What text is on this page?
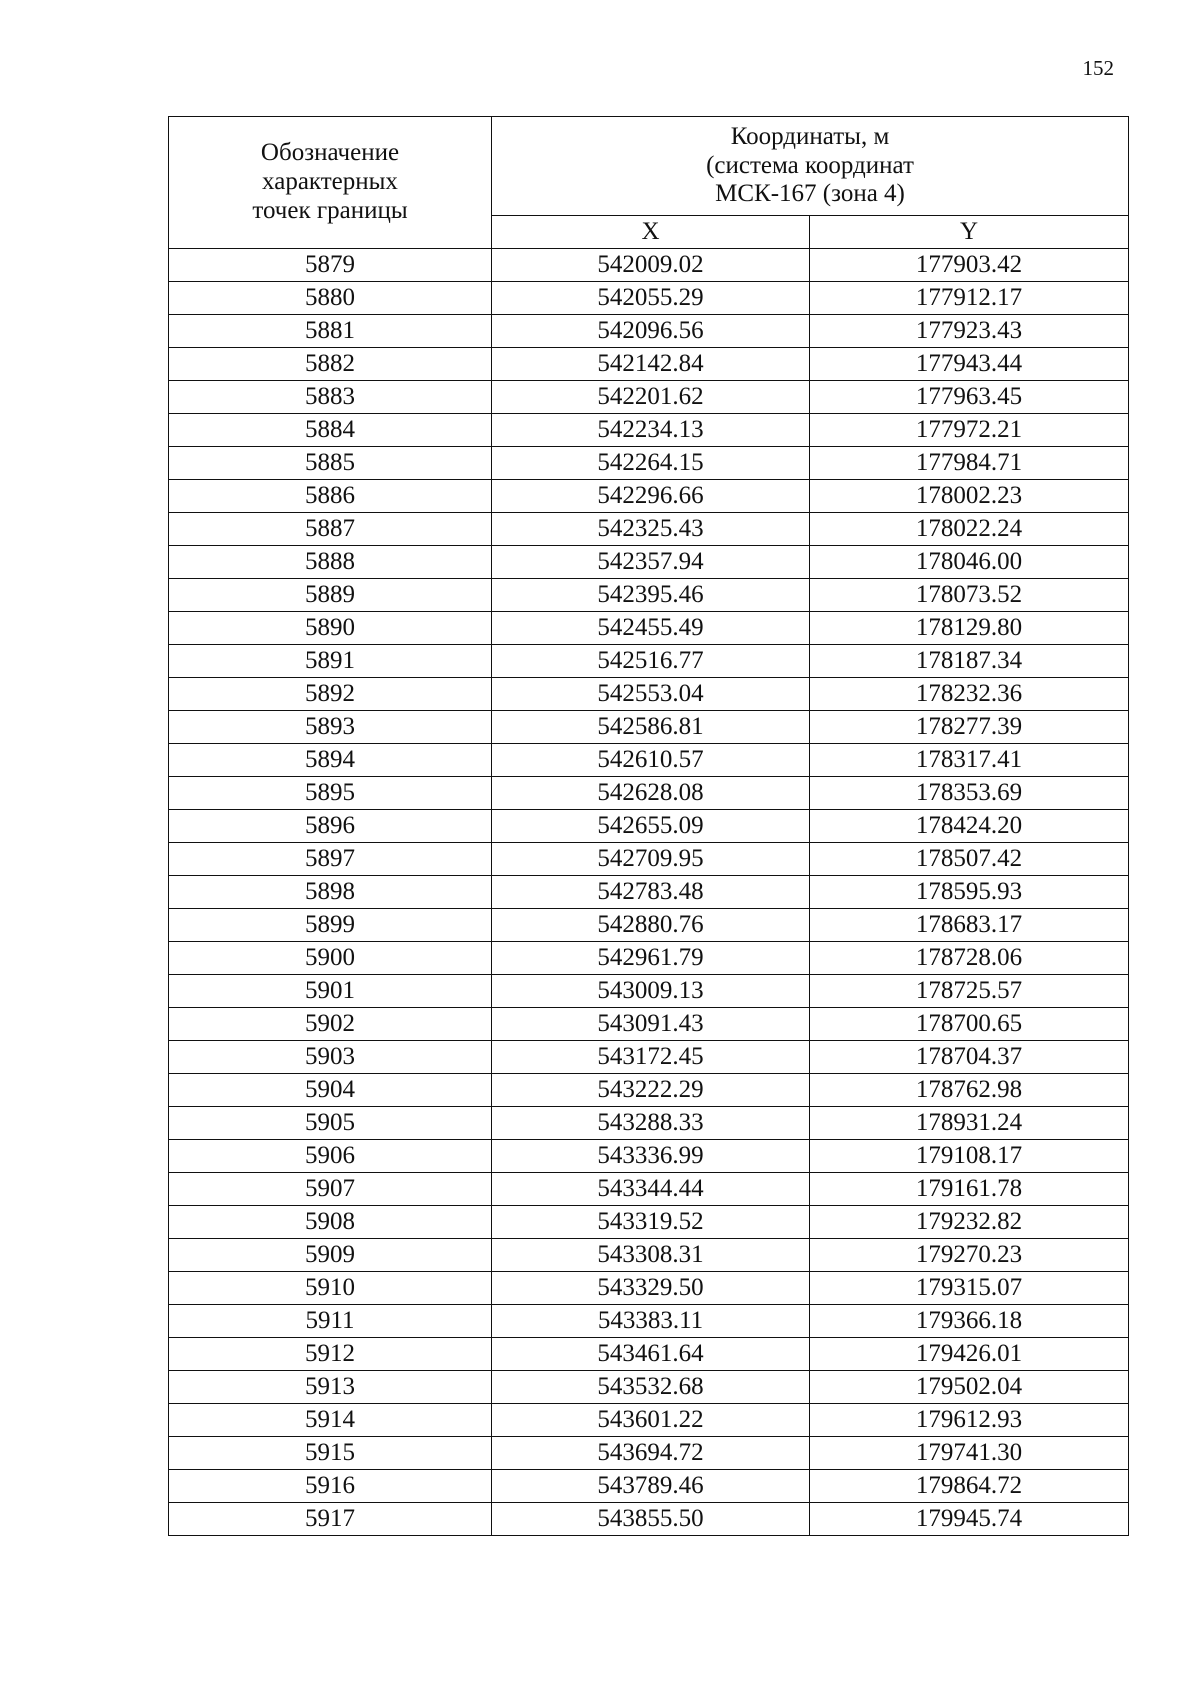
152
Обозначение
характерных
точек границы	Координаты, м
(система координат
МСК-167 (зона 4)	
	X	Y
5879	542009.02	177903.42
5880	542055.29	177912.17
5881	542096.56	177923.43
5882	542142.84	177943.44
5883	542201.62	177963.45
5884	542234.13	177972.21
5885	542264.15	177984.71
5886	542296.66	178002.23
5887	542325.43	178022.24
5888	542357.94	178046.00
5889	542395.46	178073.52
5890	542455.49	178129.80
5891	542516.77	178187.34
5892	542553.04	178232.36
5893	542586.81	178277.39
5894	542610.57	178317.41
5895	542628.08	178353.69
5896	542655.09	178424.20
5897	542709.95	178507.42
5898	542783.48	178595.93
5899	542880.76	178683.17
5900	542961.79	178728.06
5901	543009.13	178725.57
5902	543091.43	178700.65
5903	543172.45	178704.37
5904	543222.29	178762.98
5905	543288.33	178931.24
5906	543336.99	179108.17
5907	543344.44	179161.78
5908	543319.52	179232.82
5909	543308.31	179270.23
5910	543329.50	179315.07
5911	543383.11	179366.18
5912	543461.64	179426.01
5913	543532.68	179502.04
5914	543601.22	179612.93
5915	543694.72	179741.30
5916	543789.46	179864.72
5917	543855.50	179945.74
